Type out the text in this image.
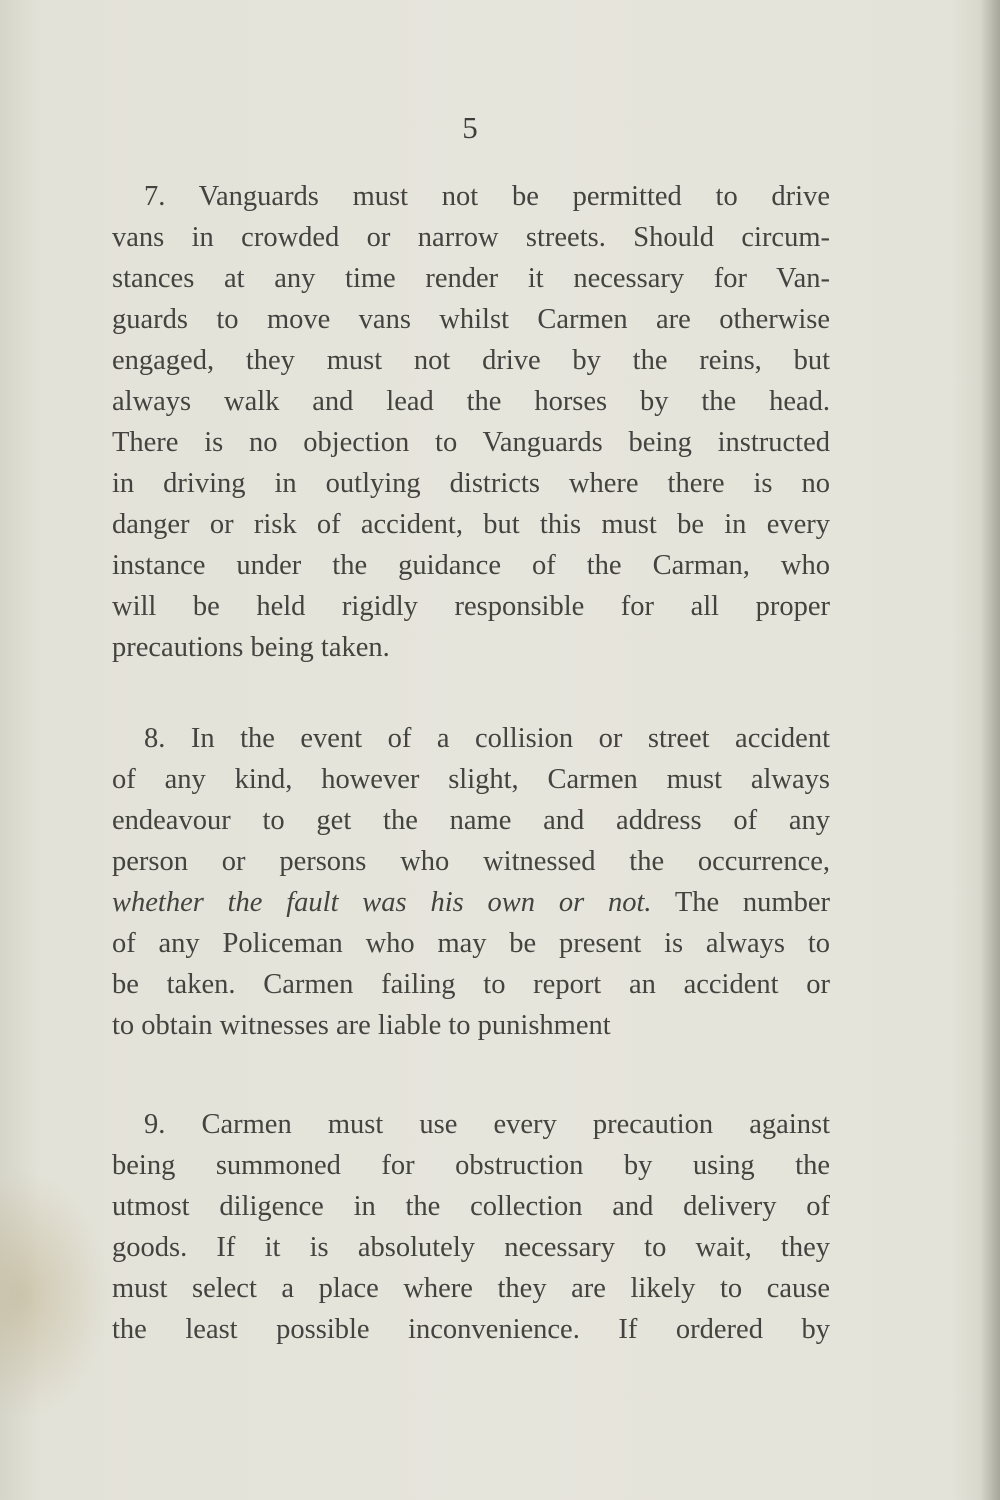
5
7. Vanguards must not be permitted to drive
vans in crowded or narrow streets. Should circum-
stances at any time render it necessary for Van-
guards to move vans whilst Carmen are otherwise
engaged, they must not drive by the reins, but
always walk and lead the horses by the head.
There is no objection to Vanguards being instructed
in driving in outlying districts where there is no
danger or risk of accident, but this must be in every
instance under the guidance of the Carman, who
will be held rigidly responsible for all proper
precautions being taken.
8. In the event of a collision or street accident
of any kind, however slight, Carmen must always
endeavour to get the name and address of any
person or persons who witnessed the occurrence,
whether the fault was his own or not. The number
of any Policeman who may be present is always to
be taken. Carmen failing to report an accident or
to obtain witnesses are liable to punishment
9. Carmen must use every precaution against
being summoned for obstruction by using the
utmost diligence in the collection and delivery of
goods. If it is absolutely necessary to wait, they
must select a place where they are likely to cause
the least possible inconvenience. If ordered by
